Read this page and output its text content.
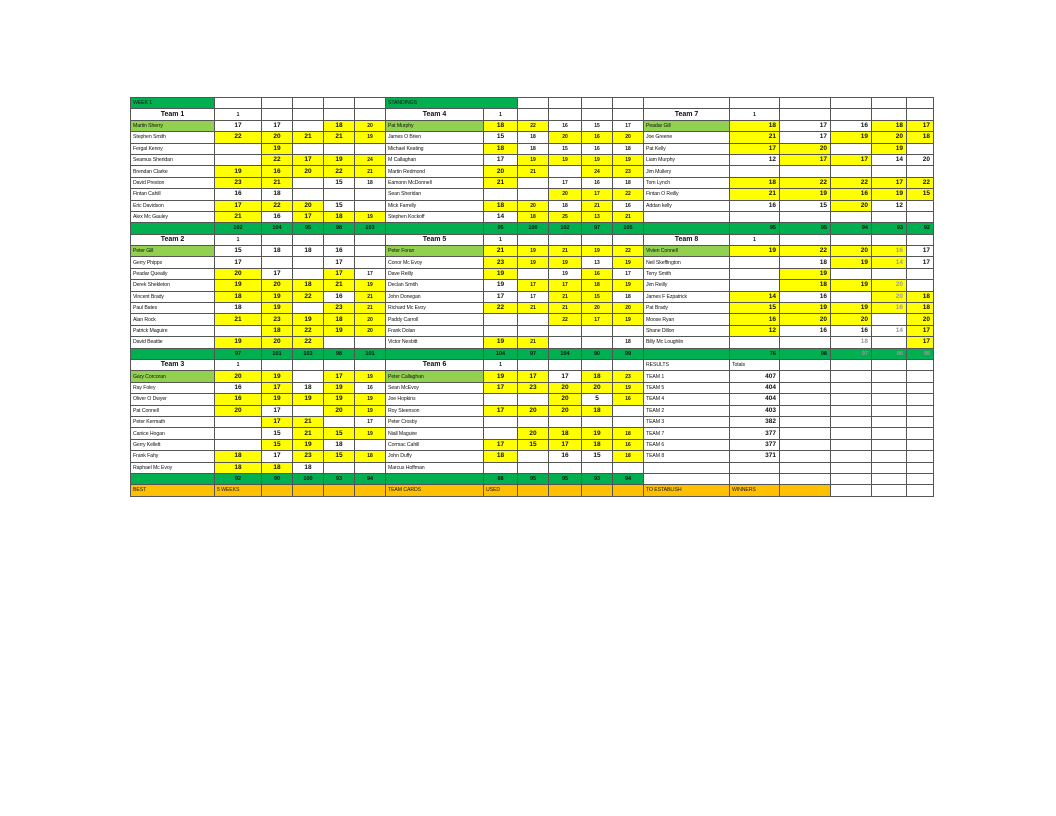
WEEK 1						STANDINGS											
Team 1	1					Team 4	1					Team 7	1				
Martin Sherry	17	17		18	20	Pat Murphy	18	22	16	15	17	Peadar Gill	18	17	16	18	17
Stephen Smith	22	20	21	21	19	James O Brien	15	18	20	16	20	Joe Greene	21	17	19	20	18
Fergal Kenny		19				Michael Keating	18	18	15	16	18	Pat Kelly	17	20		19	
Seamus Sheridan		22	17	19	24	M Callaghan	17	19	19	19	19	Liam Murphy	12	17	17	14	20
Brendan Clarke	19	16	20	22	21	Martin Redmond	20	21		24	23	Jim Mullery					
David Preston	23	21		15	18	Eamonn McDonnell	21		17	16	18	Tom Lynch	18	22	22	17	22
Fintan Cahill	16	18				Sean Sheridan			20	17	22	Fintan O Reilly	21	19	16	19	15
Eric Davidson	17	22	20	15		Mick Farrelly	18	20	18	21	16	Addan kelly	16	15	20	12	
Alex Mc Gauley	21	16	17	18	19	Stephen Kockoff	14	18	25	13	21						
	102	104	95	98	103		95	100	102	97	105		95	95	94	93	92
Team 2	1					Team 5	1					Team 8	1				
Peter Gill	15	18	18	16		Peter Foran	21	19	21	19	22	Vivien Connell	19	22	20	16	17
Gerry Phipps	17			17		Conor Mc Evoy	23	19	19	13	19	Neil Skeffington		18	19	14	17
Peadar Queaily	20	17		17	17	Dave Reilly	19		19	16	17	Terry Smith		19			
Derek Shekleton	19	20	18	21	19	Declan Smith	19	17	17	18	19	Jim Reilly		18	19	20	
Vincent Brady	18	19	22	16	21	John Donegan	17	17	21	15	18	James F Ezpatrick	14	16		20	18
Paul Bates	18	19		23	21	Richard Mc Evoy	22	21	21	20	20	Pat Brady	15	19	19	16	18
Alan Rock	21	23	19	18	20	Paddy Carroll			22	17	19	Moose Ryan	16	20	20		20
Patrick Maguire		18	22	19	20	Frank Dolan						Shane Dillon	12	16	16	14	17
David Beattie	19	20	22			Victor Nesbitt	19	21			18	Billy Mc Loughlin			18		17
	97	101	103	98	101		104	97	104	90	99		76	98	97	86	98
Team 3	1					Team 6	1					RESULTS	Totals				
Gary Corcoran	20	19		17	19	Peter Callaghan	19	17	17	18	23	TEAM 1	407				
Ray Foley	16	17	18	19	16	Sean McEvoy	17	23	20	20	19	TEAM 5	404				
Oliver O Dwyer	16	19	19	19	19	Joe Hopkins			20	5	16	TEAM 4	404				
Pat Connell	20	17		20	19	Roy Steenson	17	20	20	18		TEAM 2	403				
Peter Kermath		17	21		17	Peter Crosby						TEAM 3	382				
Canice Hogan		15	21	15	19	Niall Maguire		20	18	19	18	TEAM 7	377				
Gerry Kellett		15	19	18		Cormac Cahill	17	15	17	18	16	TEAM 6	377				
Frank Fahy	18	17	23	15	18	John Duffy	18		16	15	18	TEAM 8	371				
Raphael Mc Evoy	18	18	18			Marcus Hoffman											
	92	90	100	93	94		88	95	95	93	94						
BEST	5 WEEKS					TEAM CARDS	USED					TO ESTABLISH	WINNERS				
